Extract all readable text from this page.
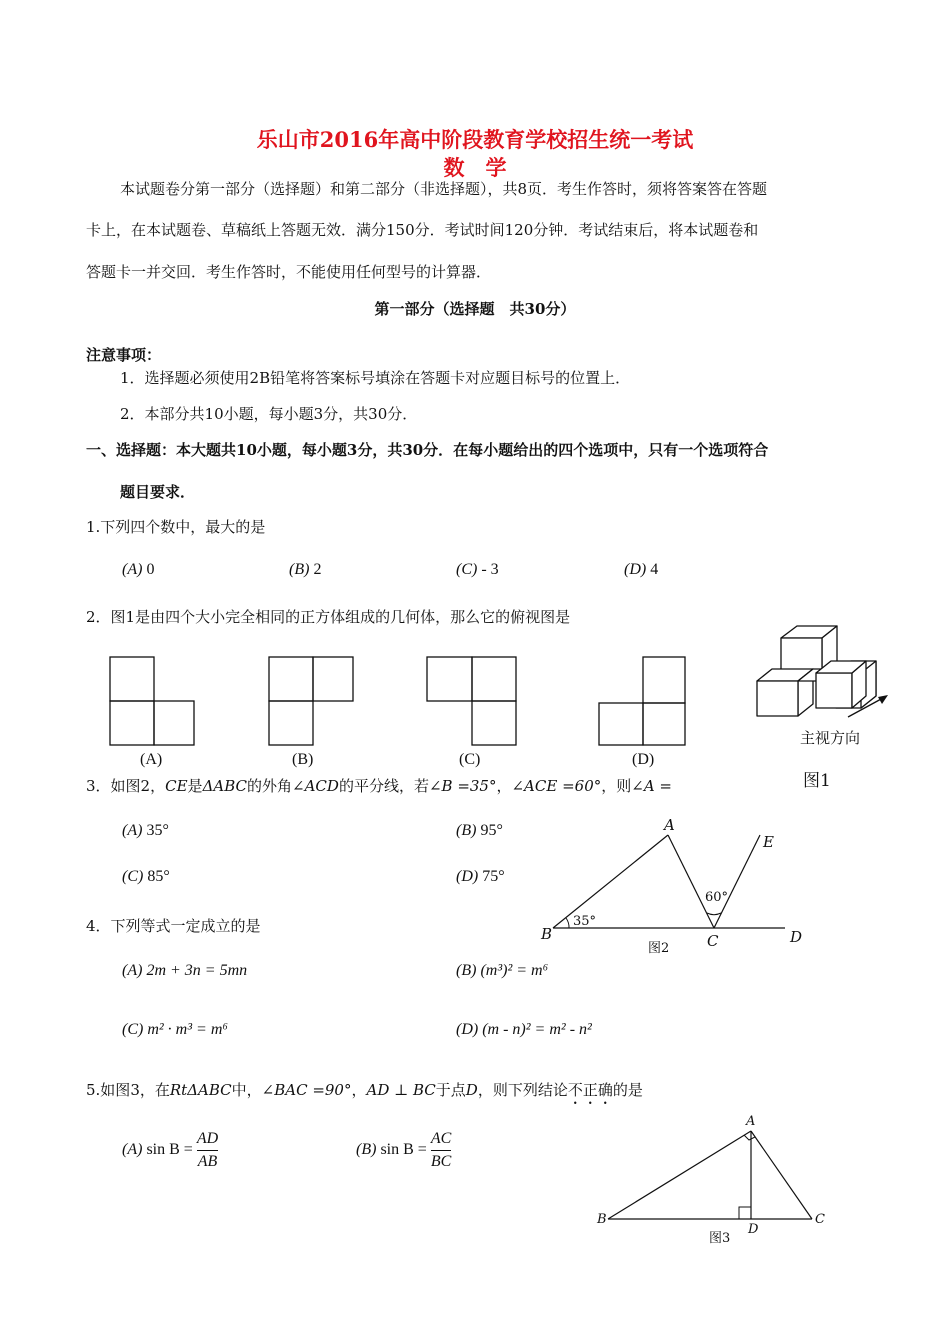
乐山市2016年高中阶段教育学校招生统一考试
数　学
本试题卷分第一部分（选择题）和第二部分（非选择题），共8页．考生作答时，须将答案答在答题
卡上，在本试题卷、草稿纸上答题无效．满分150分．考试时间120分钟．考试结束后，将本试题卷和
答题卡一并交回．考生作答时，不能使用任何型号的计算器．
第一部分（选择题　共30分）
注意事项：
1．选择题必须使用2B铅笔将答案标号填涂在答题卡对应题目标号的位置上．
2．本部分共10小题，每小题3分，共30分．
一、选择题：本大题共10小题，每小题3分，共30分．在每小题给出的四个选项中，只有一个选项符合
题目要求．
1.下列四个数中，最大的是
(A) 0	(B) 2	(C) - 3	(D) 4
2．图1是由四个大小完全相同的正方体组成的几何体，那么它的俯视图是
(A)	(B)	(C)	(D)
主视方向
图1
3．如图2，CE是ΔABC的外角∠ACD的平分线，若∠B =35°，∠ACE =60°，则∠A =
(A) 35°	(B) 95°
(C) 85°	(D) 75°
A
E
B	C	D
35°
60°
图2
4．下列等式一定成立的是
(A) 2m + 3n = 5mn	(B) (m³)² = m⁶
(C) m² · m³ = m⁶	(D) (m - n)² = m² - n²
5.如图3，在RtΔABC中，∠BAC =90°，AD ⊥ BC于点D，则下列结论不正确的是
(A) $\sin B = \frac{AD}{AB}$	(B) $\sin B = \frac{AC}{BC}$
A
B	C
D
图3
